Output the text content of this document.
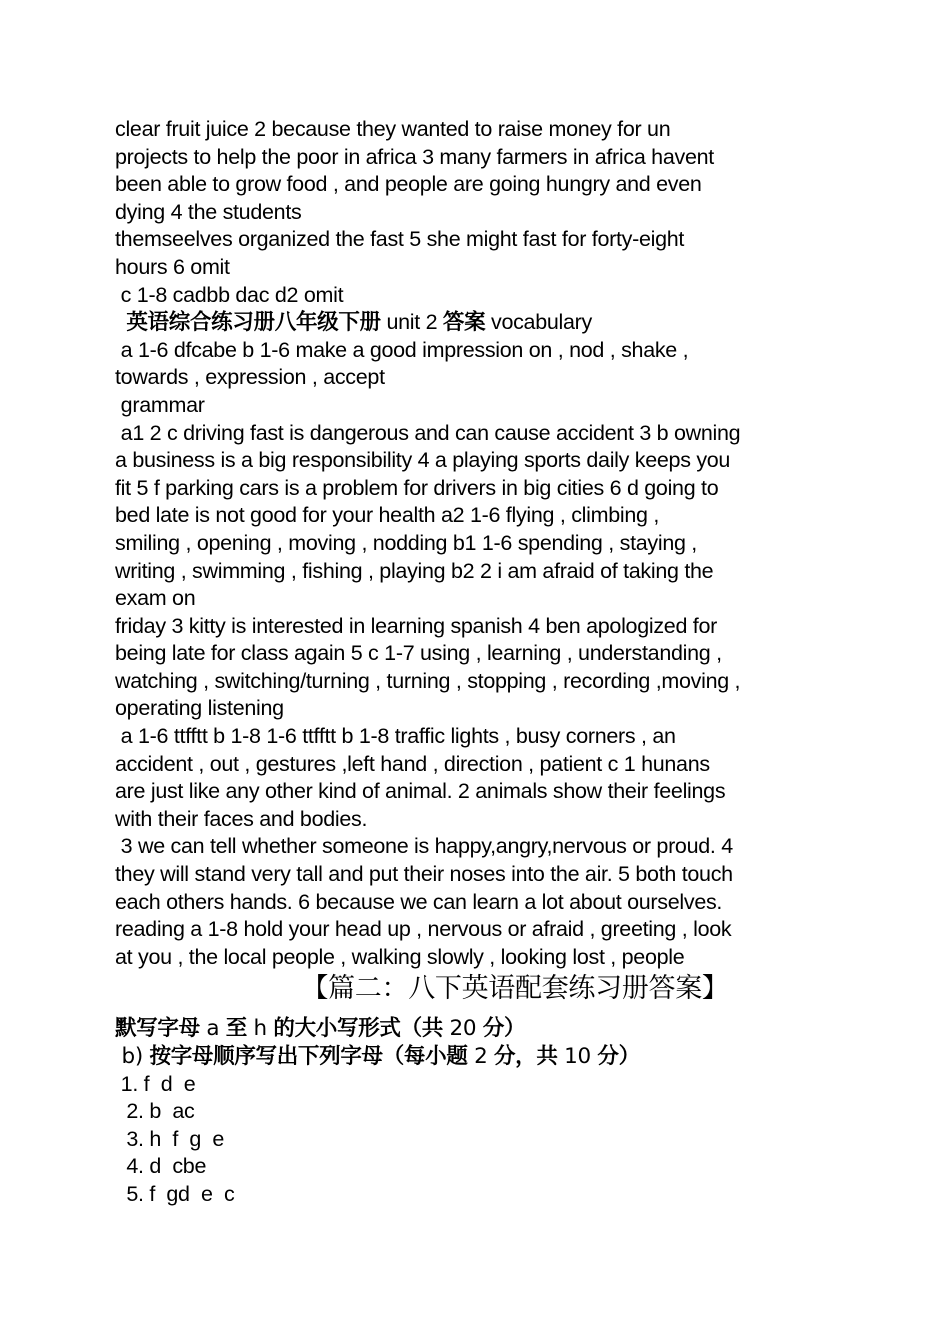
clear fruit juice 2 because they wanted to raise money for un
projects to help the poor in africa 3 many farmers in africa havent
been able to grow food , and people are going hungry and even
dying 4 the students
themseelves organized the fast 5 she might fast for forty-eight
hours 6 omit
c 1-8 cadbb dac d2 omit
英语综合练习册八年级下册 unit 2 答案 vocabulary
a 1-6 dfcabe b 1-6 make a good impression on , nod , shake ,
towards , expression , accept
grammar
a1 2 c driving fast is dangerous and can cause accident 3 b owning
a business is a big responsibility 4 a playing sports daily keeps you
fit 5 f parking cars is a problem for drivers in big cities 6 d going to
bed late is not good for your health a2 1-6 flying , climbing ,
smiling , opening , moving , nodding b1 1-6 spending , staying ,
writing , swimming , fishing , playing b2 2 i am afraid of taking the
exam on
friday 3 kitty is interested in learning spanish 4 ben apologized for
being late for class again 5 c 1-7 using , learning , understanding ,
watching , switching/turning , turning , stopping , recording ,moving ,
operating listening
a 1-6 ttfftt b 1-8 1-6 ttfftt b 1-8 traffic lights , busy corners , an
accident , out , gestures ,left hand , direction , patient c 1 hunans
are just like any other kind of animal. 2 animals show their feelings
with their faces and bodies.
3 we can tell whether someone is happy,angry,nervous or proud. 4
they will stand very tall and put their noses into the air. 5 both touch
each others hands. 6 because we can learn a lot about ourselves.
reading a 1-8 hold your head up , nervous or afraid , greeting , look
at you , the local people , walking slowly , looking lost , people
【篇二：八下英语配套练习册答案】
默写字母 a 至 h 的大小写形式（共 20 分）
b) 按字母顺序写出下列字母（每小题 2 分，共 10 分）
1. f  d  e
2. b  ac
3. h  f  g  e
4. d  cbe
5. f  gd  e  c
